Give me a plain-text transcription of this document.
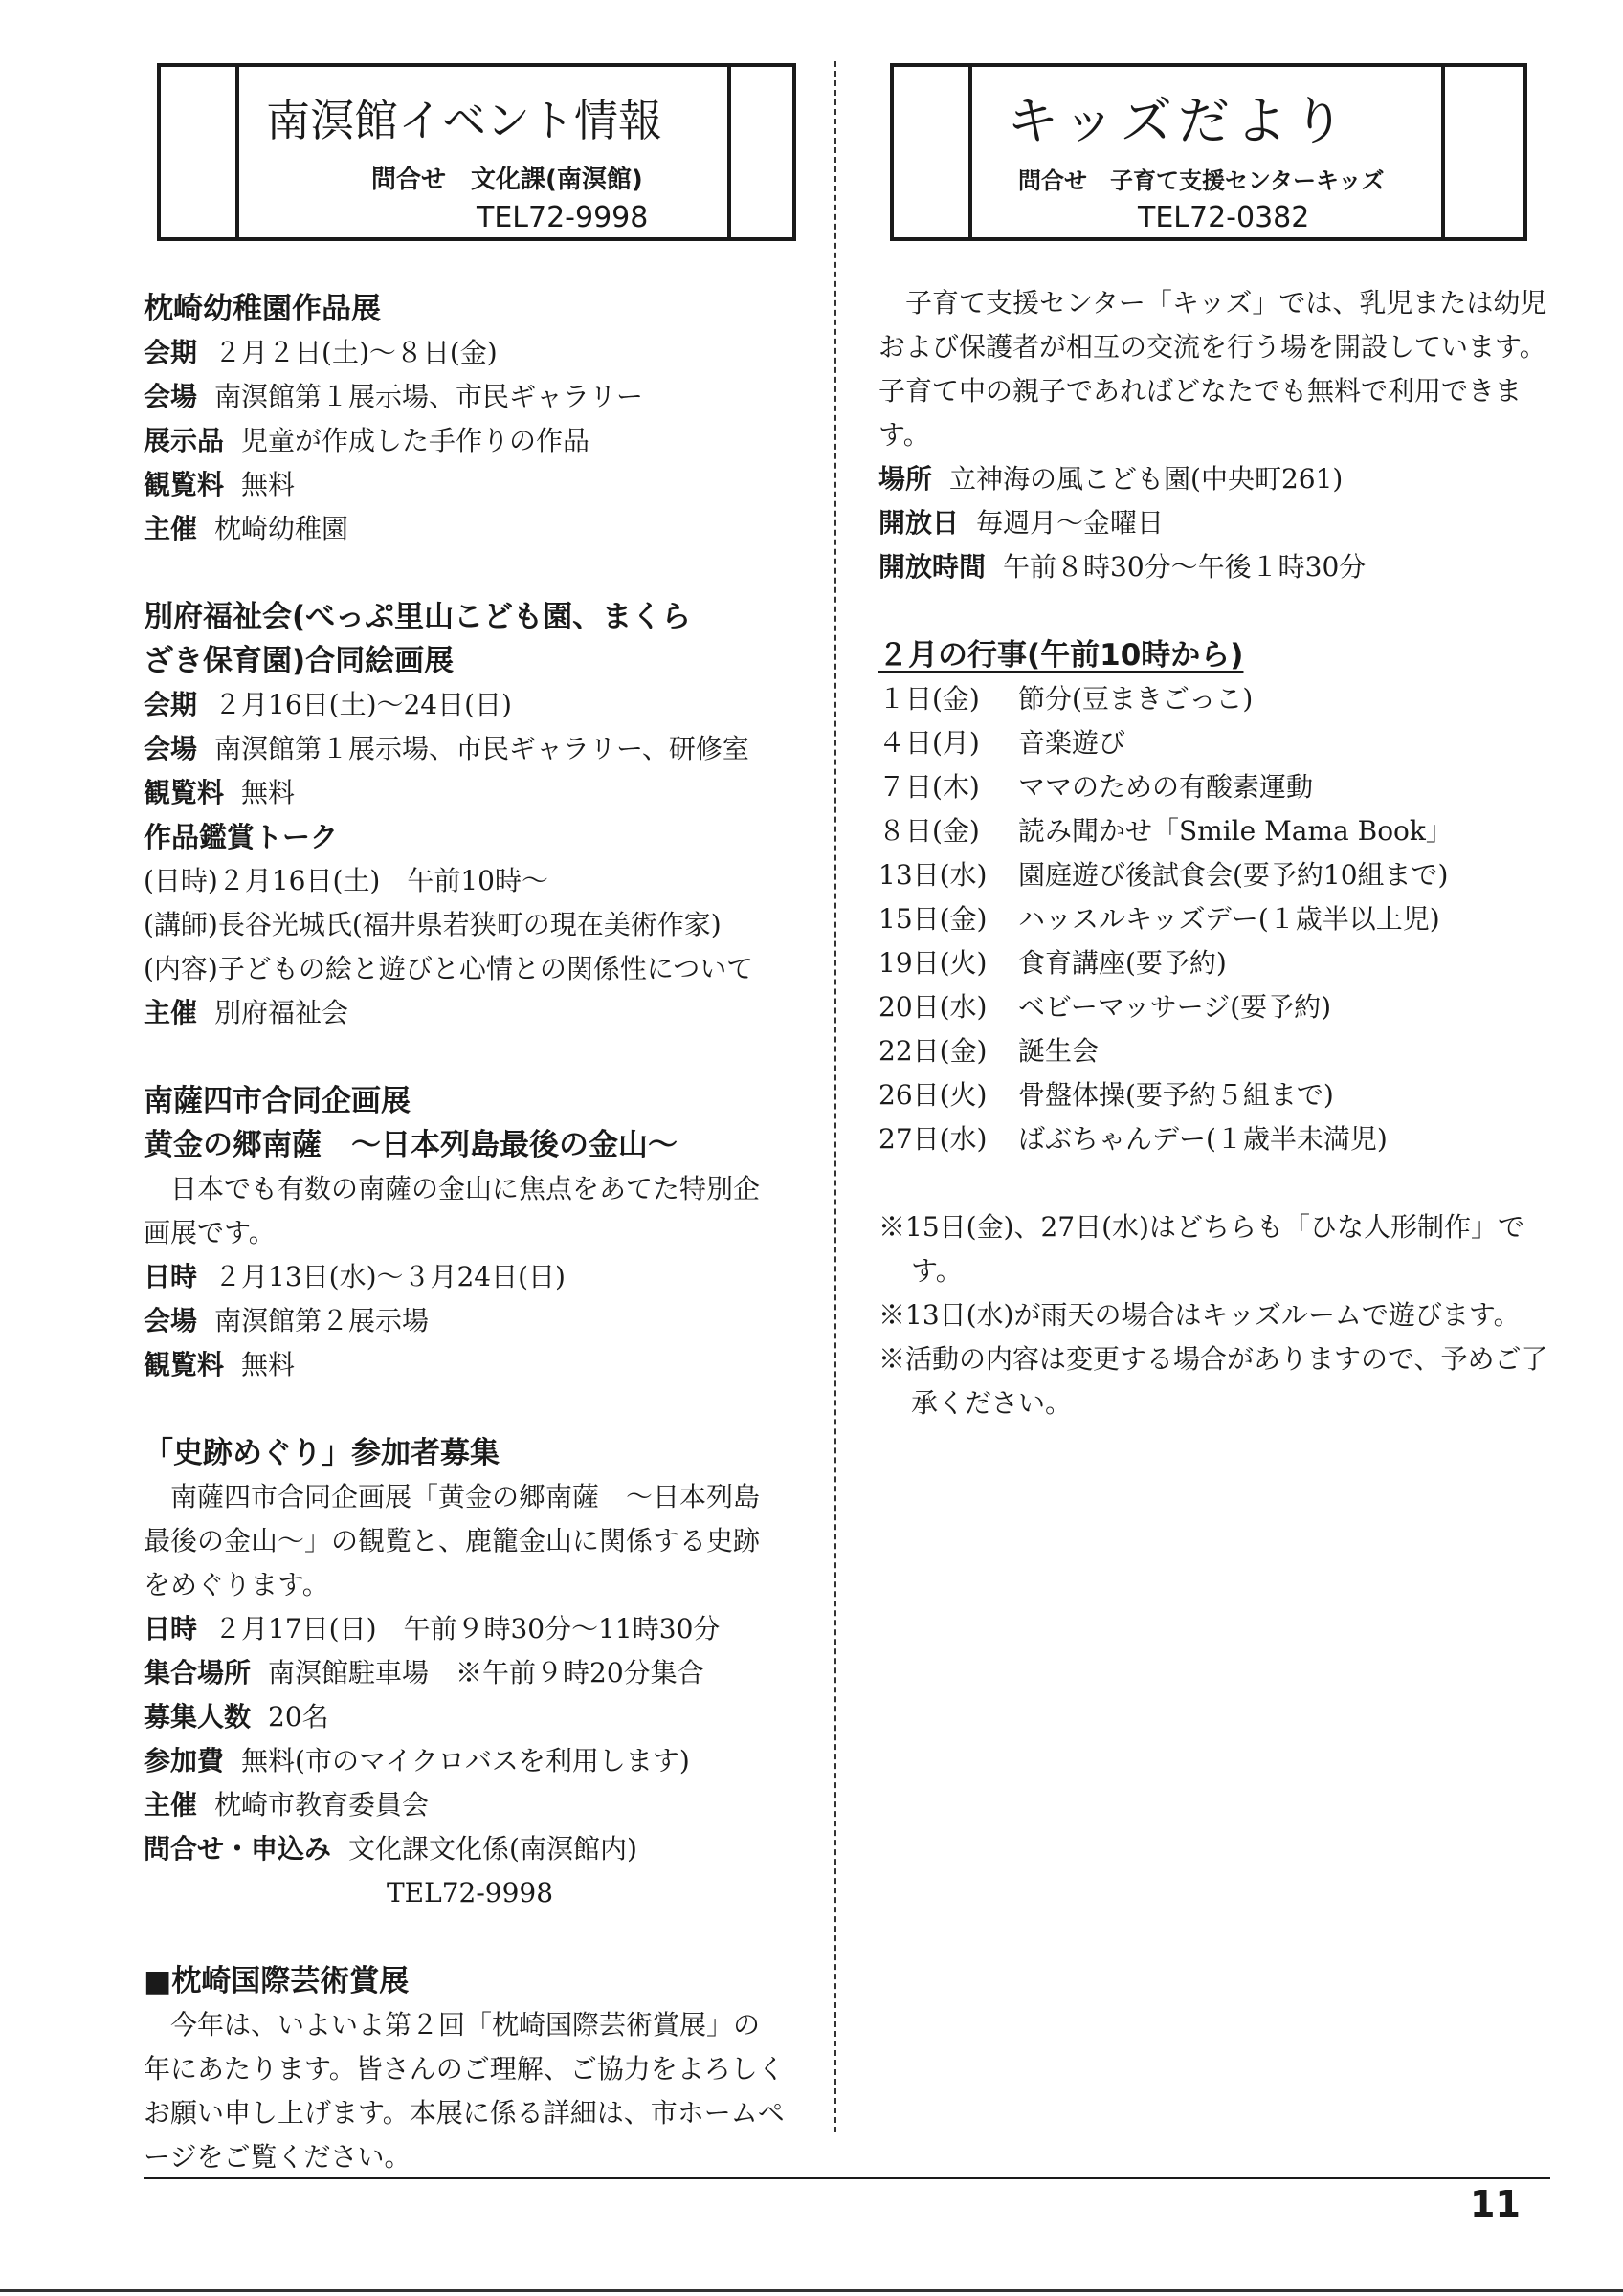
南溟館イベント情報
問合せ　文化課(南溟館)
TEL72-9998

枕崎幼稚園作品展

会期 ２月２日(土)～８日(金)

会場 南溟館第１展示場、市民ギャラリー

展示品 児童が作成した手作りの作品

観覧料 無料

主催 枕崎幼稚園

別府福祉会(べっぷ里山こども園、まくら

ざき保育園)合同絵画展

会期 ２月16日(土)～24日(日)

会場 南溟館第１展示場、市民ギャラリー、研修室

観覧料 無料

作品鑑賞トーク

(日時)２月16日(土)　午前10時～

(講師)長谷光城氏(福井県若狭町の現在美術作家)

(内容)子どもの絵と遊びと心情との関係性について

主催 別府福祉会

南薩四市合同企画展

黄金の郷南薩　～日本列島最後の金山～

日本でも有数の南薩の金山に焦点をあてた特別企画展です。

日時 ２月13日(水)～３月24日(日)

会場 南溟館第２展示場

観覧料 無料

「史跡めぐり」参加者募集

南薩四市合同企画展「黄金の郷南薩　～日本列島最後の金山～」の観覧と、鹿籠金山に関係する史跡をめぐります。

日時 ２月17日(日)　午前９時30分～11時30分

集合場所 南溟館駐車場　※午前９時20分集合

募集人数 20名

参加費 無料(市のマイクロバスを利用します)

主催 枕崎市教育委員会

問合せ・申込み 文化課文化係(南溟館内)

TEL72-9998

■枕崎国際芸術賞展

今年は、いよいよ第２回「枕崎国際芸術賞展」の年にあたります。皆さんのご理解、ご協力をよろしくお願い申し上げます。本展に係る詳細は、市ホームページをご覧ください。

キッズだより
問合せ　子育て支援センターキッズ
TEL72-0382

子育て支援センター「キッズ」では、乳児または幼児および保護者が相互の交流を行う場を開設しています。子育て中の親子であればどなたでも無料で利用できます。

場所 立神海の風こども園(中央町261)

開放日 毎週月～金曜日

開放時間 午前８時30分～午後１時30分

２月の行事(午前10時から)

１日(金) 節分(豆まきごっこ)

４日(月) 音楽遊び

７日(木) ママのための有酸素運動

８日(金) 読み聞かせ「Smile Mama Book」

13日(水) 園庭遊び後試食会(要予約10組まで)

15日(金) ハッスルキッズデー(１歳半以上児)

19日(火) 食育講座(要予約)

20日(水) ベビーマッサージ(要予約)

22日(金) 誕生会

26日(火) 骨盤体操(要予約５組まで)

27日(水) ばぶちゃんデー(１歳半未満児)

※15日(金)、27日(水)はどちらも「ひな人形制作」です。

※13日(水)が雨天の場合はキッズルームで遊びます。

※活動の内容は変更する場合がありますので、予めご了承ください。

11
